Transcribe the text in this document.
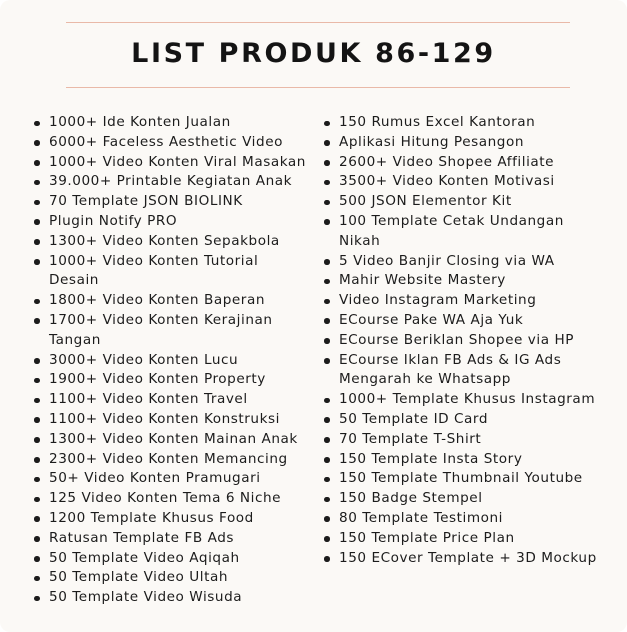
LIST PRODUK 86-129
1000+ Ide Konten Jualan
6000+ Faceless Aesthetic Video
1000+ Video Konten Viral Masakan
39.000+ Printable Kegiatan Anak
70 Template JSON BIOLINK
Plugin Notify PRO
1300+ Video Konten Sepakbola
1000+ Video Konten Tutorial
Desain
1800+ Video Konten Baperan
1700+ Video Konten Kerajinan
Tangan
3000+ Video Konten Lucu
1900+ Video Konten Property
1100+ Video Konten Travel
1100+ Video Konten Konstruksi
1300+ Video Konten Mainan Anak
2300+ Video Konten Memancing
50+ Video Konten Pramugari
125 Video Konten Tema 6 Niche
1200 Template Khusus Food
Ratusan Template FB Ads
50 Template Video Aqiqah
50 Template Video Ultah
50 Template Video Wisuda
150 Rumus Excel Kantoran
Aplikasi Hitung Pesangon
2600+ Video Shopee Affiliate
3500+ Video Konten Motivasi
500 JSON Elementor Kit
100 Template Cetak Undangan
Nikah
5 Video Banjir Closing via WA
Mahir Website Mastery
Video Instagram Marketing
ECourse Pake WA Aja Yuk
ECourse Beriklan Shopee via HP
ECourse Iklan FB Ads & IG Ads
Mengarah ke Whatsapp
1000+ Template Khusus Instagram
50 Template ID Card
70 Template T-Shirt
150 Template Insta Story
150 Template Thumbnail Youtube
150 Badge Stempel
80 Template Testimoni
150 Template Price Plan
150 ECover Template + 3D Mockup
